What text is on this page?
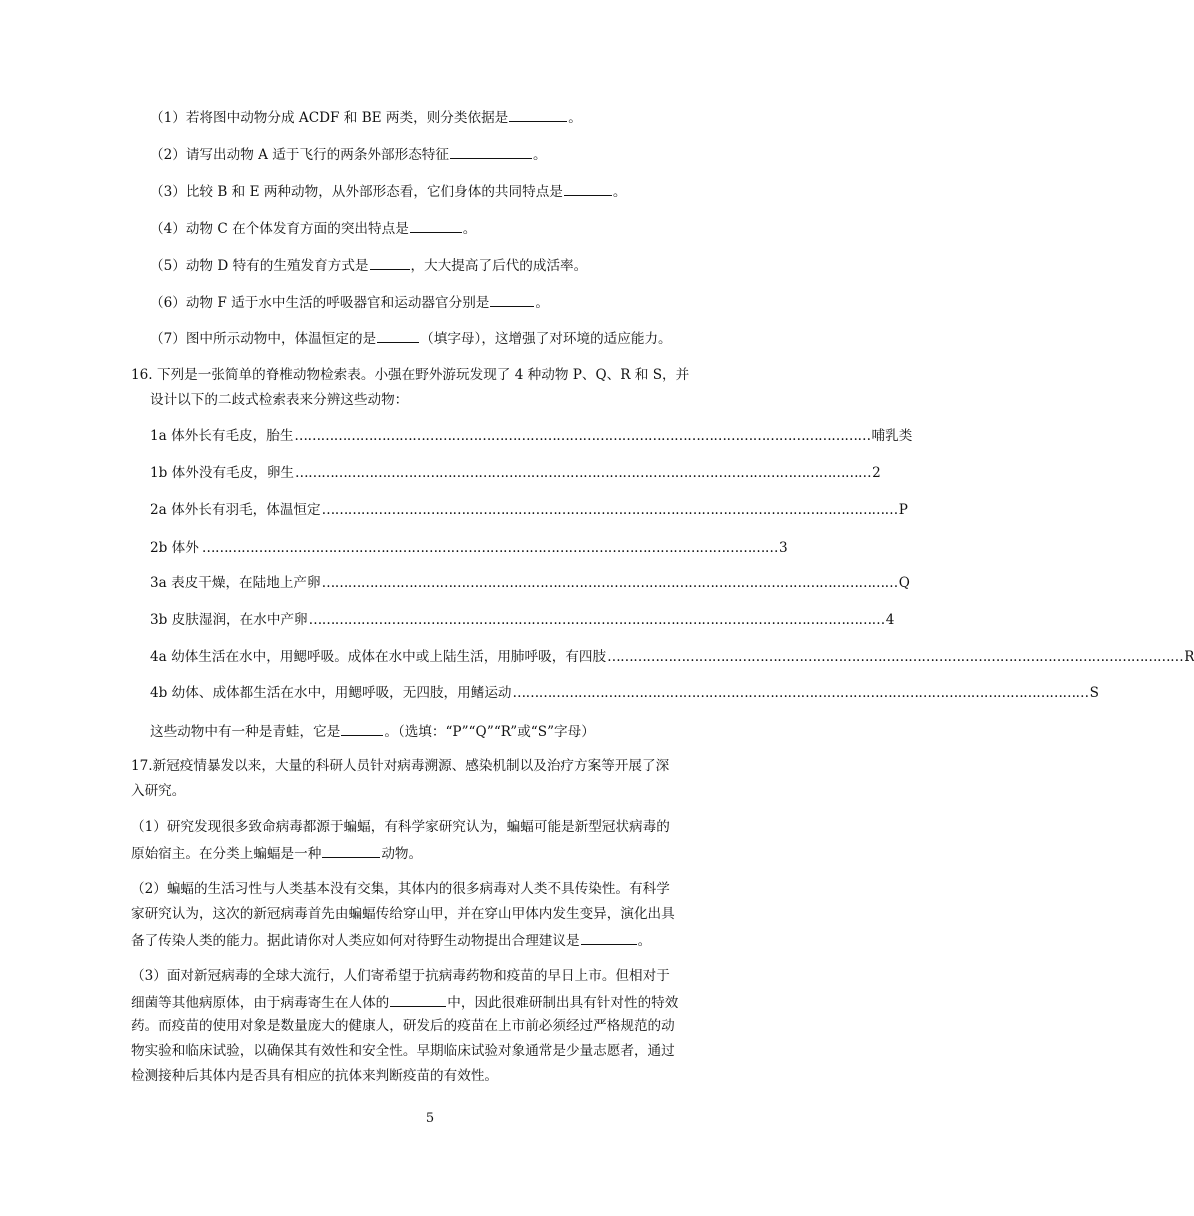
（1）若将图中动物分成 ACDF 和 BE 两类，则分类依据是	。
（2）请写出动物 A 适于飞行的两条外部形态特征	。
（3）比较 B 和 E 两种动物，从外部形态看，它们身体的共同特点是	。
（4）动物 C 在个体发育方面的突出特点是	。
（5）动物 D 特有的生殖发育方式是	，大大提高了后代的成活率。
（6）动物 F 适于水中生活的呼吸器官和运动器官分别是	。
（7）图中所示动物中，体温恒定的是	（填字母），这增强了对环境的适应能力。
16. 下列是一张简单的脊椎动物检索表。小强在野外游玩发现了 4 种动物 P、Q、R 和 S，并
设计以下的二歧式检索表来分辨这些动物：
1a 体外长有毛皮，胎生 …………………………………………………………………………………………………………………… 哺乳类
1b 体外没有毛皮，卵生 …………………………………………………………………………………………………………………… 2
2a 体外长有羽毛，体温恒定 …………………………………………………………………………………………………………………… P
2b 体外 …………………………………………………………………………………………………………………… 3
3a 表皮干燥，在陆地上产卵 …………………………………………………………………………………………………………………… Q
3b 皮肤湿润，在水中产卵 …………………………………………………………………………………………………………………… 4
4a 幼体生活在水中，用鳃呼吸。成体在水中或上陆生活，用肺呼吸，有四肢 …………………………………………………………………………………………………………………… R
4b 幼体、成体都生活在水中，用鳃呼吸，无四肢，用鳍运动 …………………………………………………………………………………………………………………… S
这些动物中有一种是青蛙，它是	。（选填：“P”“Q”“R”或“S”字母）
17.新冠疫情暴发以来，大量的科研人员针对病毒溯源、感染机制以及治疗方案等开展了深
入研究。
（1）研究发现很多致命病毒都源于蝙蝠，有科学家研究认为，蝙蝠可能是新型冠状病毒的
原始宿主。在分类上蝙蝠是一种	动物。
（2）蝙蝠的生活习性与人类基本没有交集，其体内的很多病毒对人类不具传染性。有科学
家研究认为，这次的新冠病毒首先由蝙蝠传给穿山甲，并在穿山甲体内发生变异，演化出具
备了传染人类的能力。据此请你对人类应如何对待野生动物提出合理建议是	。
（3）面对新冠病毒的全球大流行，人们寄希望于抗病毒药物和疫苗的早日上市。但相对于
细菌等其他病原体，由于病毒寄生在人体的	中，因此很难研制出具有针对性的特效
药。而疫苗的使用对象是数量庞大的健康人，研发后的疫苗在上市前必须经过严格规范的动
物实验和临床试验，以确保其有效性和安全性。早期临床试验对象通常是少量志愿者，通过
检测接种后其体内是否具有相应的抗体来判断疫苗的有效性。
5
